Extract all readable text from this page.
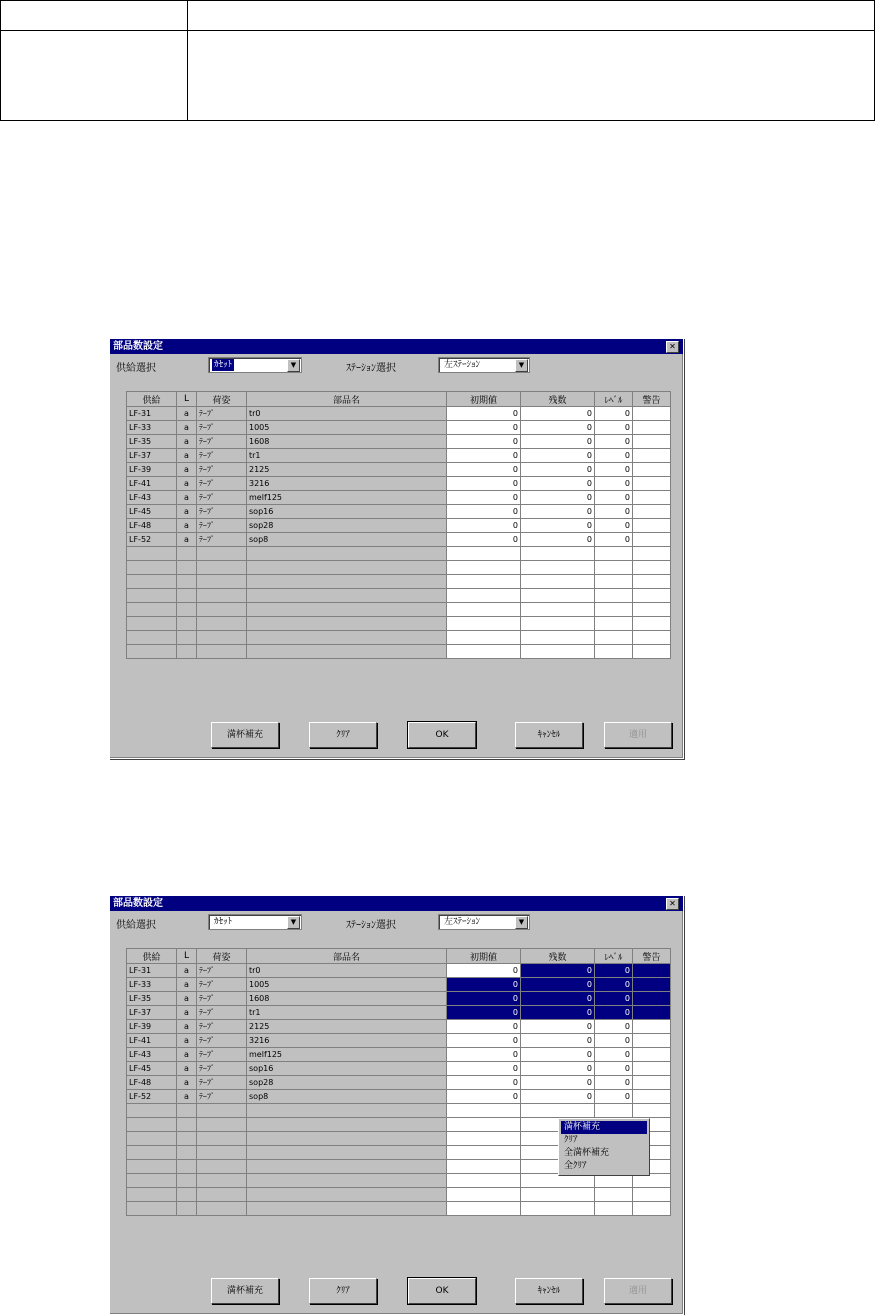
部品数設定	✕
供給選択	ｶｾｯﾄ	▼	ｽﾃｰｼｮﾝ選択	左ｽﾃｰｼｮﾝ	▼
供給	L	荷姿	部品名	初期値	残数	ﾚﾍﾞﾙ	警告
LF-31	a	ﾃｰﾌﾟ	tr0	0	0	0	
LF-33	a	ﾃｰﾌﾟ	1005	0	0	0	
LF-35	a	ﾃｰﾌﾟ	1608	0	0	0	
LF-37	a	ﾃｰﾌﾟ	tr1	0	0	0	
LF-39	a	ﾃｰﾌﾟ	2125	0	0	0	
LF-41	a	ﾃｰﾌﾟ	3216	0	0	0	
LF-43	a	ﾃｰﾌﾟ	melf125	0	0	0	
LF-45	a	ﾃｰﾌﾟ	sop16	0	0	0	
LF-48	a	ﾃｰﾌﾟ	sop28	0	0	0	
LF-52	a	ﾃｰﾌﾟ	sop8	0	0	0	

満杯補充	ｸﾘｱ	OK	ｷｬﾝｾﾙ	適用
部品数設定	✕
供給選択	ｶｾｯﾄ	▼	ｽﾃｰｼｮﾝ選択	左ｽﾃｰｼｮﾝ	▼
供給	L	荷姿	部品名	初期値	残数	ﾚﾍﾞﾙ	警告
LF-31	a	ﾃｰﾌﾟ	tr0	0	0	0	
LF-33	a	ﾃｰﾌﾟ	1005	0	0	0	
LF-35	a	ﾃｰﾌﾟ	1608	0	0	0	
LF-37	a	ﾃｰﾌﾟ	tr1	0	0	0	
LF-39	a	ﾃｰﾌﾟ	2125	0	0	0	
LF-41	a	ﾃｰﾌﾟ	3216	0	0	0	
LF-43	a	ﾃｰﾌﾟ	melf125	0	0	0	
LF-45	a	ﾃｰﾌﾟ	sop16	0	0	0	
LF-48	a	ﾃｰﾌﾟ	sop28	0	0	0	
LF-52	a	ﾃｰﾌﾟ	sop8	0	0	0	

満杯補充
ｸﾘｱ
全満杯補充
全ｸﾘｱ
満杯補充	ｸﾘｱ	OK	ｷｬﾝｾﾙ	適用
